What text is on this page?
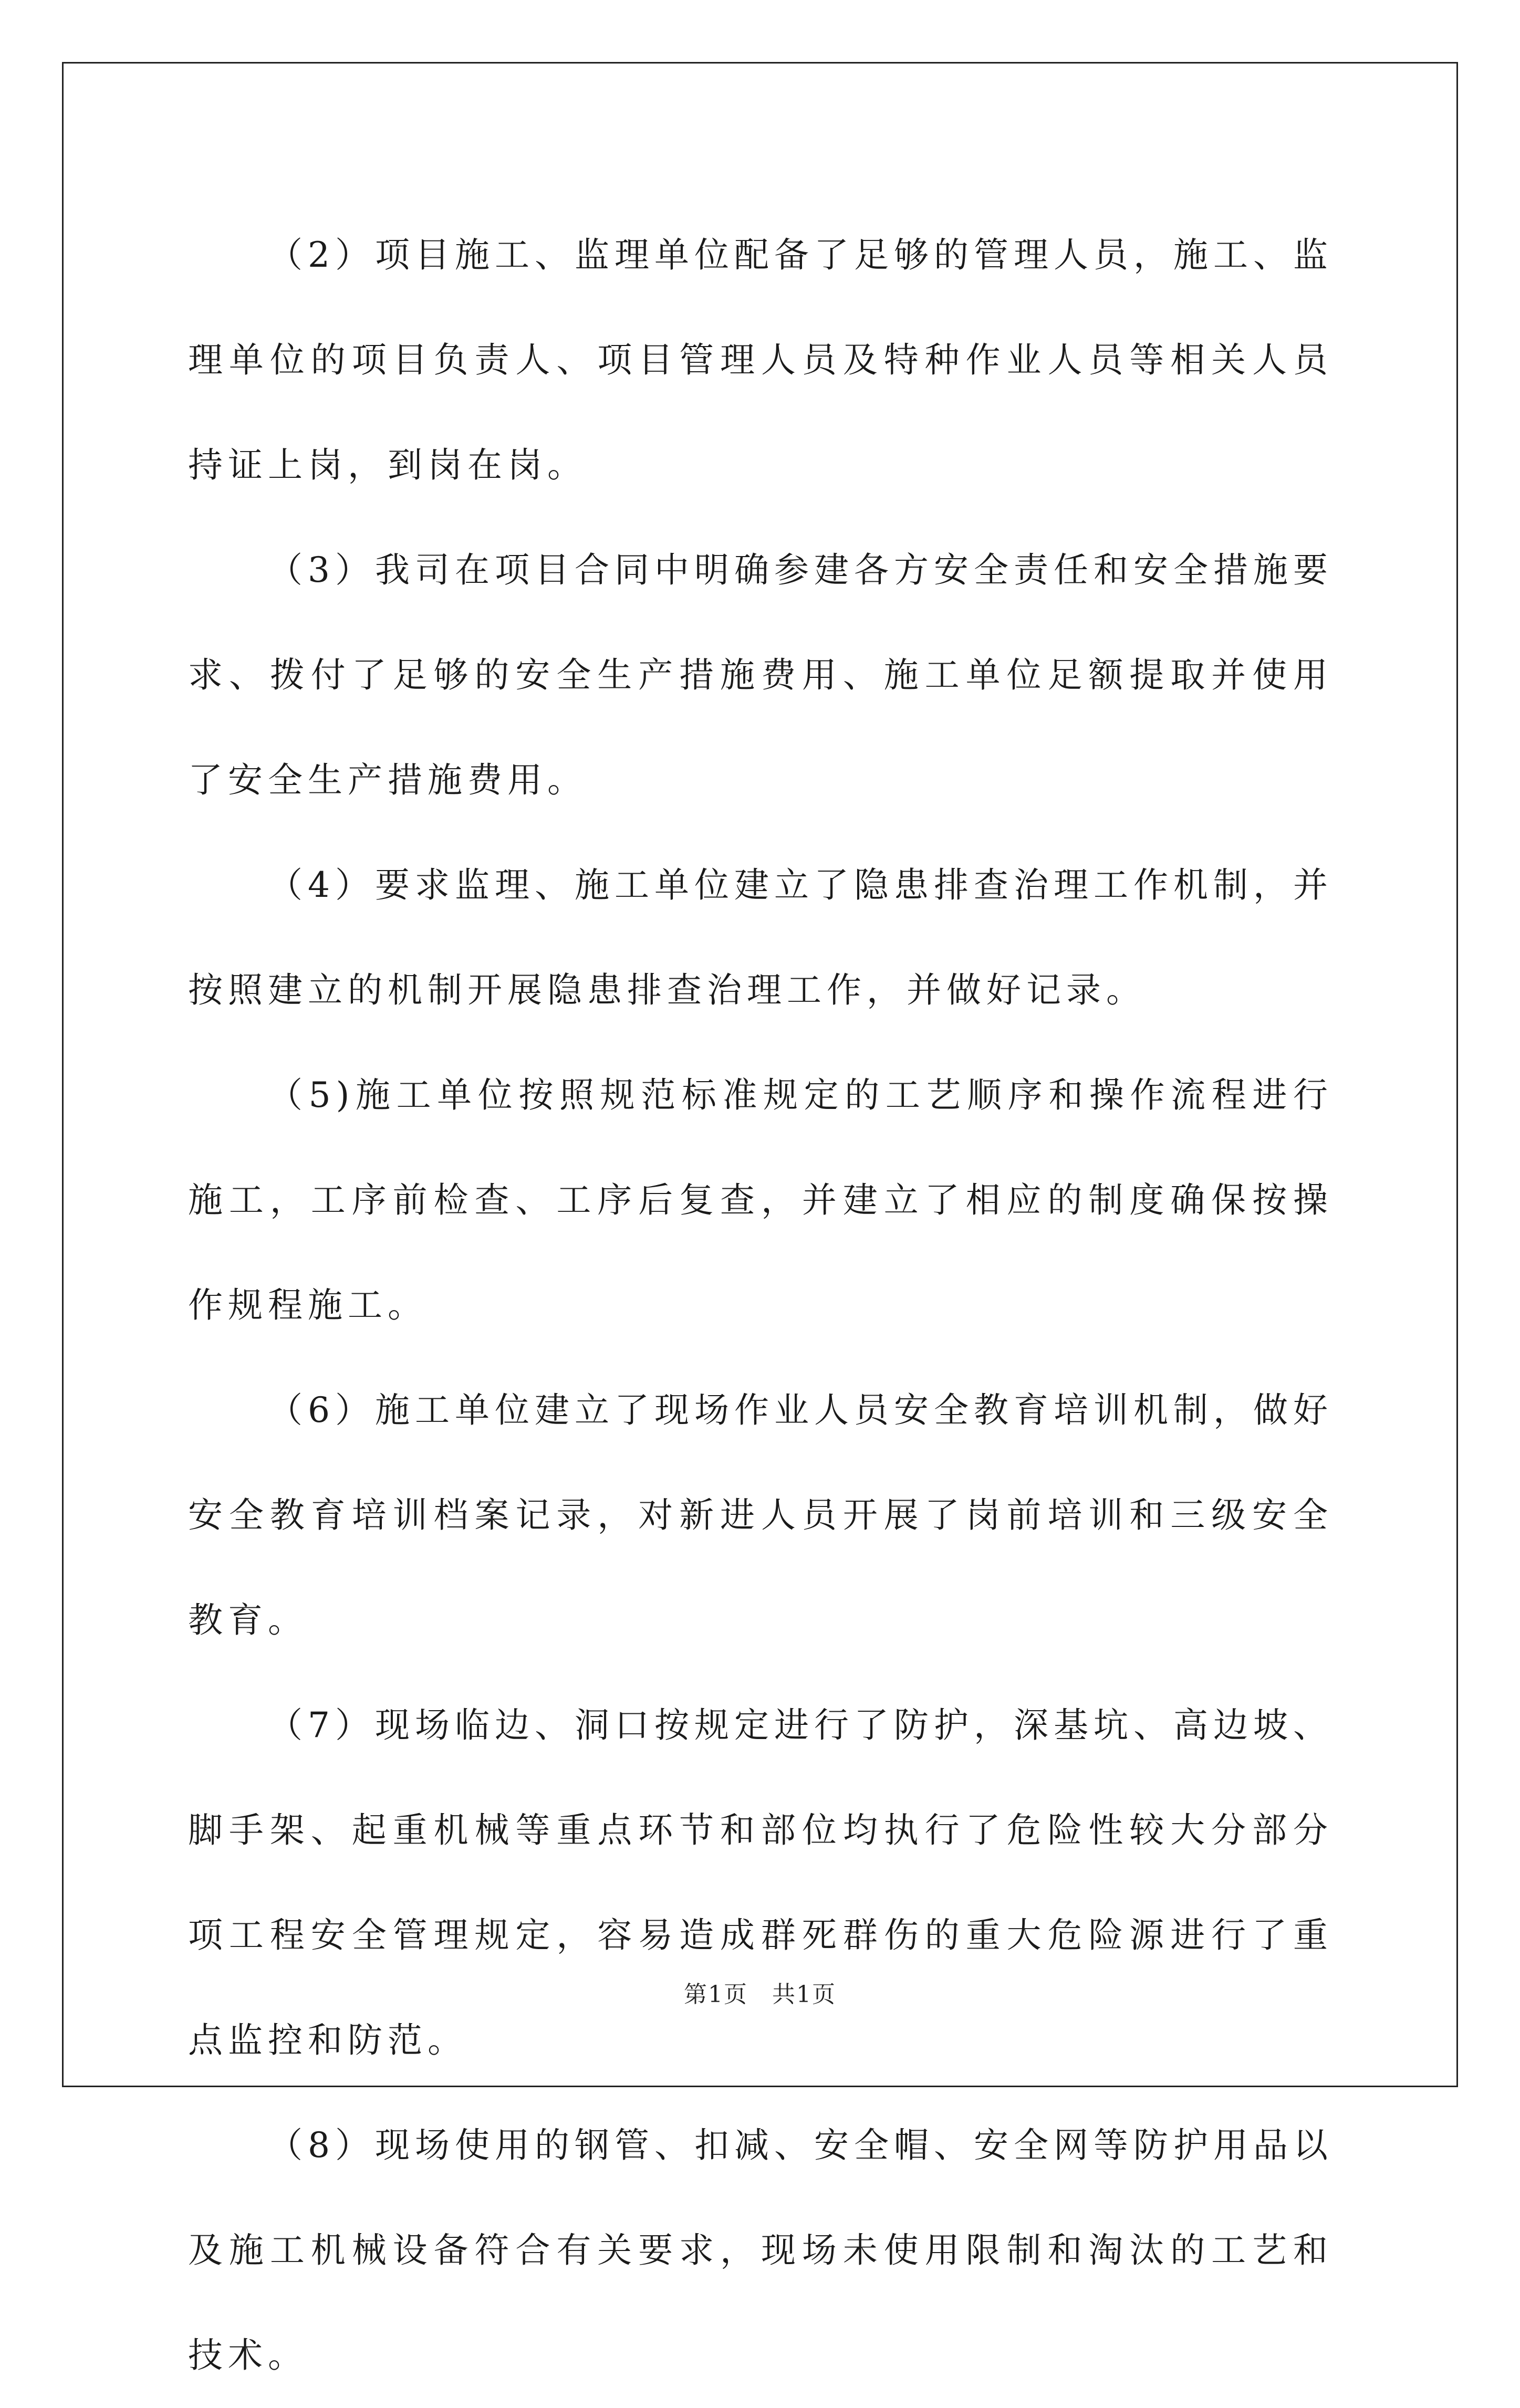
（2）项目施工、监理单位配备了足够的管理人员，施工、监理单位的项目负责人、项目管理人员及特种作业人员等相关人员持证上岗，到岗在岗。

（3）我司在项目合同中明确参建各方安全责任和安全措施要求、拨付了足够的安全生产措施费用、施工单位足额提取并使用了安全生产措施费用。

（4）要求监理、施工单位建立了隐患排查治理工作机制，并按照建立的机制开展隐患排查治理工作，并做好记录。

（5)施工单位按照规范标准规定的工艺顺序和操作流程进行施工，工序前检查、工序后复查，并建立了相应的制度确保按操作规程施工。

（6）施工单位建立了现场作业人员安全教育培训机制，做好安全教育培训档案记录，对新进人员开展了岗前培训和三级安全教育。

（7）现场临边、洞口按规定进行了防护，深基坑、高边坡、脚手架、起重机械等重点环节和部位均执行了危险性较大分部分项工程安全管理规定，容易造成群死群伤的重大危险源进行了重点监控和防范。

（8）现场使用的钢管、扣减、安全帽、安全网等防护用品以及施工机械设备符合有关要求，现场未使用限制和淘汰的工艺和技术。

第1页　共1页
